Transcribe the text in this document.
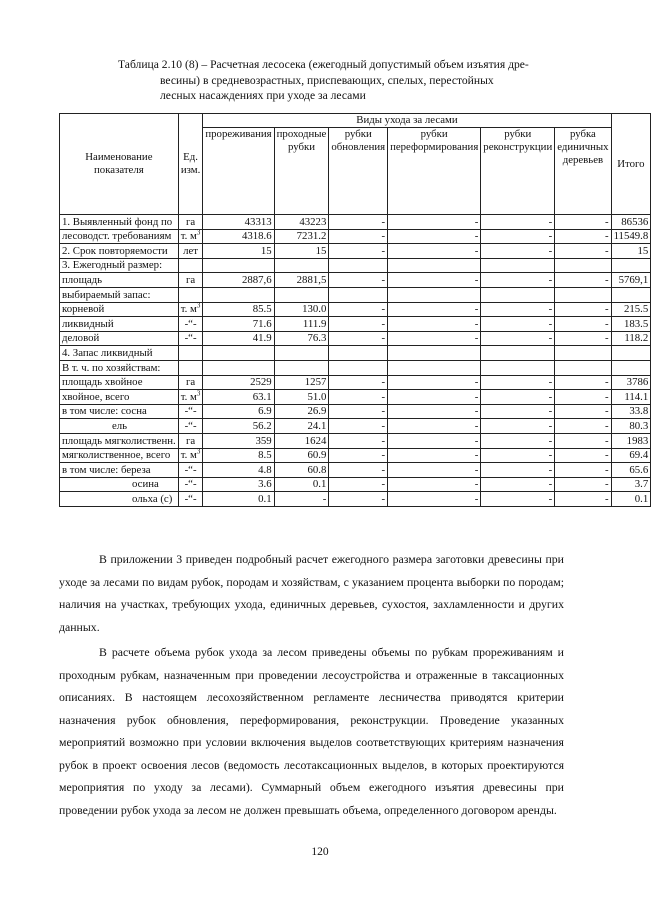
Таблица 2.10 (8) – Расчетная лесосека (ежегодный допустимый объем изъятия дре-
весины) в средневозрастных, приспевающих, спелых, перестойных
лесных насаждениях при уходе за лесами
Наименование показателя	Ед. изм.	Виды ухода за лесами						Итого
		прореживания	проходные рубки	рубки обновления	рубки переформирования	рубки реконструкции	рубка единичных деревьев	
1. Выявленный фонд по	га	43313	43223	-	-	-	-	86536
лесоводст. требованиям	т. $м^3$	4318.6	7231.2	-	-	-	-	11549.8
2. Срок повторяемости	лет	15	15	-	-	-	-	15
3. Ежегодный размер:								
площадь	га	2887,6	2881,5	-	-	-	-	5769,1
выбираемый запас:								
корневой	т. $м^3$	85.5	130.0	-	-	-	-	215.5
ликвидный	-“-	71.6	111.9	-	-	-	-	183.5
деловой	-“-	41.9	76.3	-	-	-	-	118.2
4. Запас ликвидный								
В т. ч. по хозяйствам:								
площадь хвойное	га	2529	1257	-	-	-	-	3786
хвойное, всего	т. $м^3$	63.1	51.0	-	-	-	-	114.1
в том числе: сосна	-“-	6.9	26.9	-	-	-	-	33.8
ель	-“-	56.2	24.1	-	-	-	-	80.3
площадь мягколиственн.	га	359	1624	-	-	-	-	1983
мягколиственное, всего	т. $м^3$	8.5	60.9	-	-	-	-	69.4
в том числе: береза	-“-	4.8	60.8	-	-	-	-	65.6
осина	-“-	3.6	0.1	-	-	-	-	3.7
ольха (с)	-“-	0.1	-	-	-	-	-	0.1

В приложении 3 приведен подробный расчет ежегодного размера заготовки древесины при уходе за лесами по видам рубок, породам и хозяйствам, с указанием процента выборки по породам; наличия на участках, требующих ухода, единичных деревьев, сухостоя, захламленности и других данных.

В расчете объема рубок ухода за лесом приведены объемы по рубкам прореживаниям и проходным рубкам, назначенным при проведении лесоустройства и отраженные в таксационных описаниях. В настоящем лесохозяйственном регламенте лесничества приводятся критерии назначения рубок обновления, переформирования, реконструкции. Проведение указанных мероприятий возможно при условии включения выделов соответствующих критериям назначения рубок в проект освоения лесов (ведомость лесотаксационных выделов, в которых проектируются мероприятия по уходу за лесами). Суммарный объем ежегодного изъятия древесины при проведении рубок ухода за лесом не должен превышать объема, определенного договором аренды.

120
